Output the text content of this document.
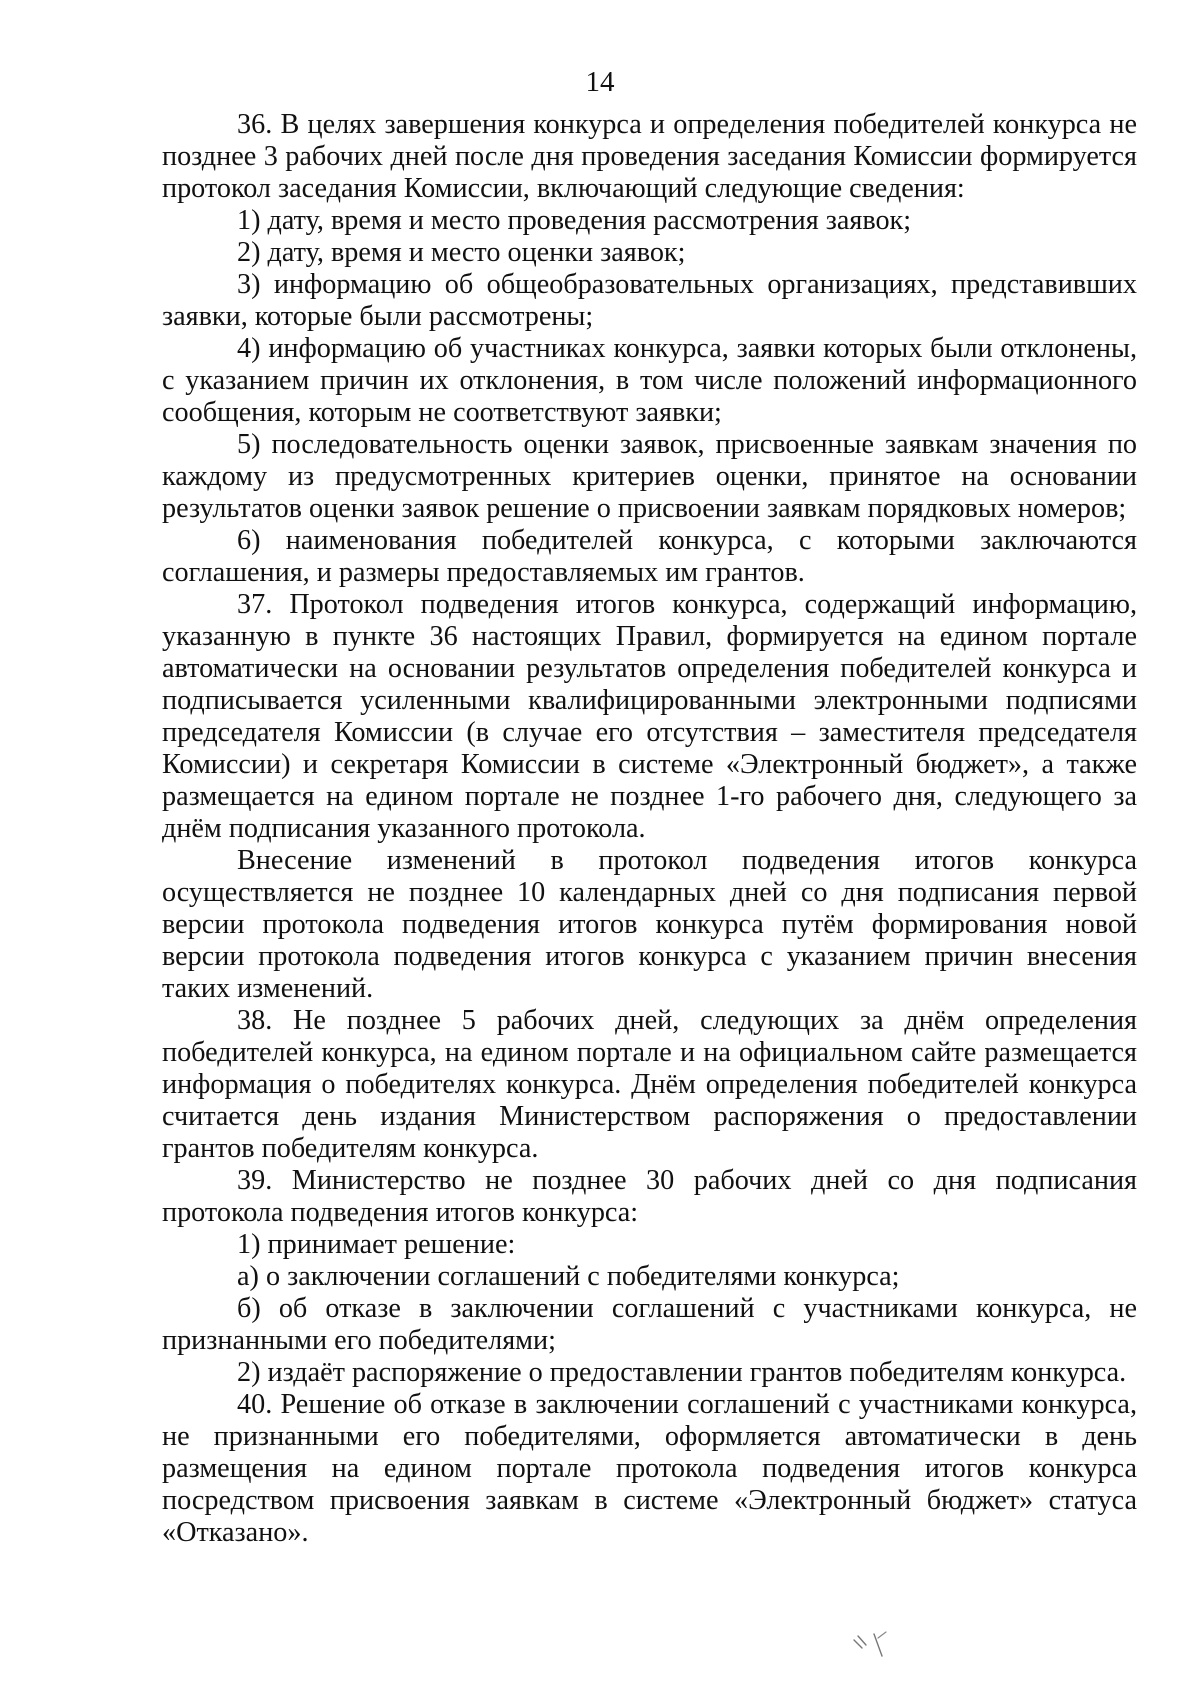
14

36. В целях завершения конкурса и определения победителей конкурса не позднее 3 рабочих дней после дня проведения заседания Комиссии формируется протокол заседания Комиссии, включающий следующие сведения:

1) дату, время и место проведения рассмотрения заявок;

2) дату, время и место оценки заявок;

3) информацию об общеобразовательных организациях, представивших заявки, которые были рассмотрены;

4) информацию об участниках конкурса, заявки которых были отклонены, с указанием причин их отклонения, в том числе положений информационного сообщения, которым не соответствуют заявки;

5) последовательность оценки заявок, присвоенные заявкам значения по каждому из предусмотренных критериев оценки, принятое на основании результатов оценки заявок решение о присвоении заявкам порядковых номеров;

6) наименования победителей конкурса, с которыми заключаются соглашения, и размеры предоставляемых им грантов.

37. Протокол подведения итогов конкурса, содержащий информацию, указанную в пункте 36 настоящих Правил, формируется на едином портале автоматически на основании результатов определения победителей конкурса и подписывается усиленными квалифицированными электронными подписями председателя Комиссии (в случае его отсутствия – заместителя председателя Комиссии) и секретаря Комиссии в системе «Электронный бюджет», а также размещается на едином портале не позднее 1-го рабочего дня, следующего за днём подписания указанного протокола.

Внесение изменений в протокол подведения итогов конкурса осуществляется не позднее 10 календарных дней со дня подписания первой версии протокола подведения итогов конкурса путём формирования новой версии протокола подведения итогов конкурса с указанием причин внесения таких изменений.

38. Не позднее 5 рабочих дней, следующих за днём определения победителей конкурса, на едином портале и на официальном сайте размещается информация о победителях конкурса. Днём определения победителей конкурса считается день издания Министерством распоряжения о предоставлении грантов победителям конкурса.

39. Министерство не позднее 30 рабочих дней со дня подписания протокола подведения итогов конкурса:

1) принимает решение:

а) о заключении соглашений с победителями конкурса;

б) об отказе в заключении соглашений с участниками конкурса, не признанными его победителями;

2) издаёт распоряжение о предоставлении грантов победителям конкурса.

40. Решение об отказе в заключении соглашений с участниками конкурса, не признанными его победителями, оформляется автоматически в день размещения на едином портале протокола подведения итогов конкурса посредством присвоения заявкам в системе «Электронный бюджет» статуса «Отказано».
